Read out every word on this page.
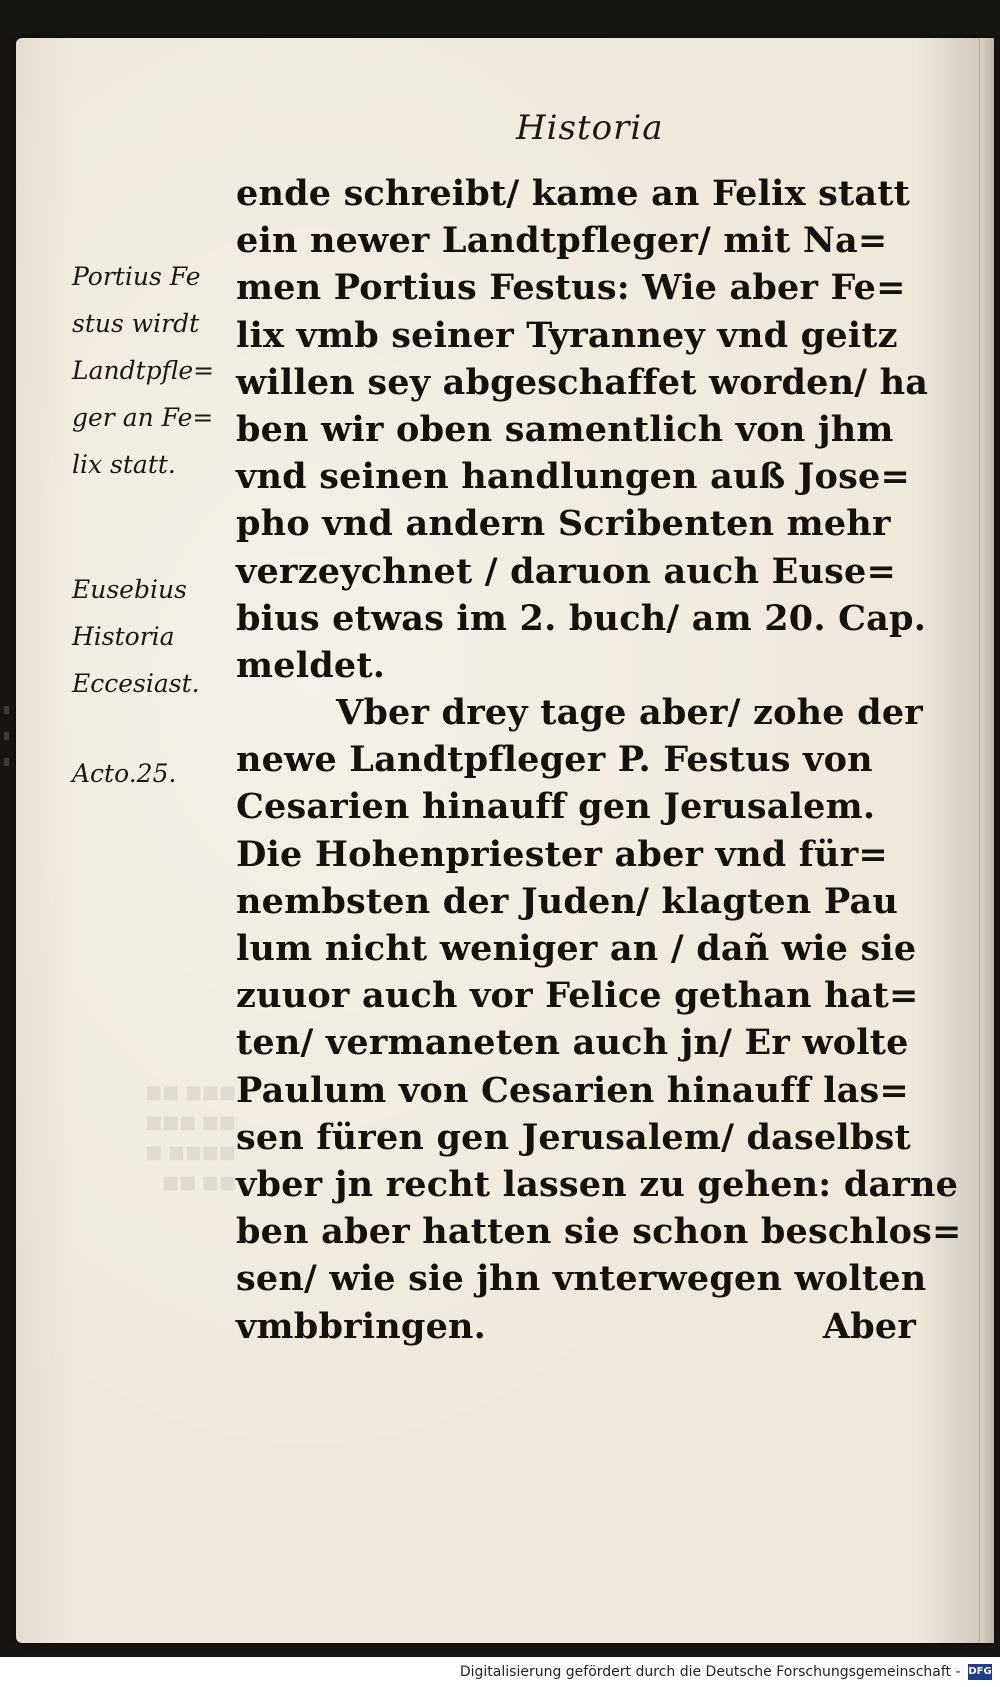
■■■ ■■
■■ ■■■
■■■■ ■
■■ ■■
Historia
Portius Fe
stus wirdt
Landtpfle=
ger an Fe=
lix statt.
Eusebius
Historia
Eccesiast.
Acto.25.
ende schreibt/ kame an Felix statt
ein newer Landtpfleger/ mit Na=
men Portius Festus: Wie aber Fe=
lix vmb seiner Tyranney vnd geitz
willen sey abgeschaffet worden/ ha
ben wir oben samentlich von jhm
vnd seinen handlungen auß Jose=
pho vnd andern Scribenten mehr
verzeychnet / daruon auch Euse=
bius etwas im 2. buch/ am 20. Cap.
meldet.
Vber drey tage aber/ zohe der
newe Landtpfleger P. Festus von
Cesarien hinauff gen Jerusalem.
Die Hohenpriester aber vnd für=
nembsten der Juden/ klagten Pau
lum nicht weniger an / dañ wie sie
zuuor auch vor Felice gethan hat=
ten/ vermaneten auch jn/ Er wolte
Paulum von Cesarien hinauff las=
sen füren gen Jerusalem/ daselbst
vber jn recht lassen zu gehen: darne
ben aber hatten sie schon beschlos=
sen/ wie sie jhn vnterwegen wolten
vmbbringen.	Aber
Digitalisierung gefördert durch die Deutsche Forschungsgemeinschaft - DFG
